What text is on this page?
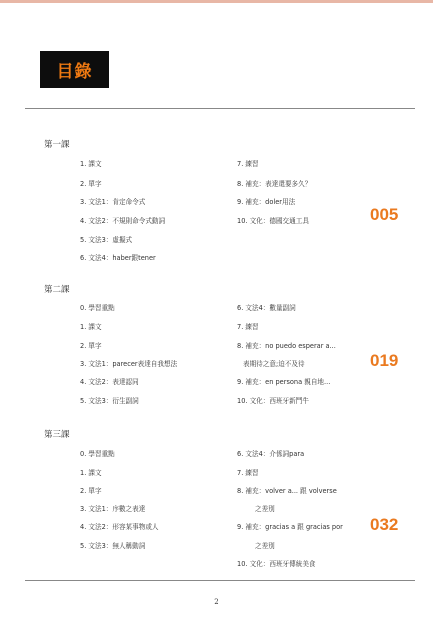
目錄
第一課
1. 課文
2. 單字
3. 文法1：肯定命令式
4. 文法2：不規則命令式動詞
5. 文法3：虛擬式
6. 文法4：haber跟tener
7. 練習
8. 補充：表達還要多久？
9. 補充：doler用法
10. 文化：德國交通工具	005
第二課
0. 學習重點
1. 課文
2. 單字
3. 文法1：parecer表達自我想法
4. 文法2：表達認同
5. 文法3：衍生副詞
6. 文法4：數量副詞
7. 練習
8. 補充：no puedo esperar a...
表期待之意;迫不及待
9. 補充：en persona 親自地...
10. 文化：西班牙新鬥牛
019
第三課
0. 學習重點
1. 課文
2. 單字
3. 文法1：序數之表達
4. 文法2：形容某事物或人
5. 文法3：無人稱動詞
6. 文法4：介係詞para
7. 練習
8. 補充：volver a... 跟 volverse
之差別
9. 補充：gracias a 跟 gracias por
之差別
10. 文化：西班牙傳統美食
032
2
